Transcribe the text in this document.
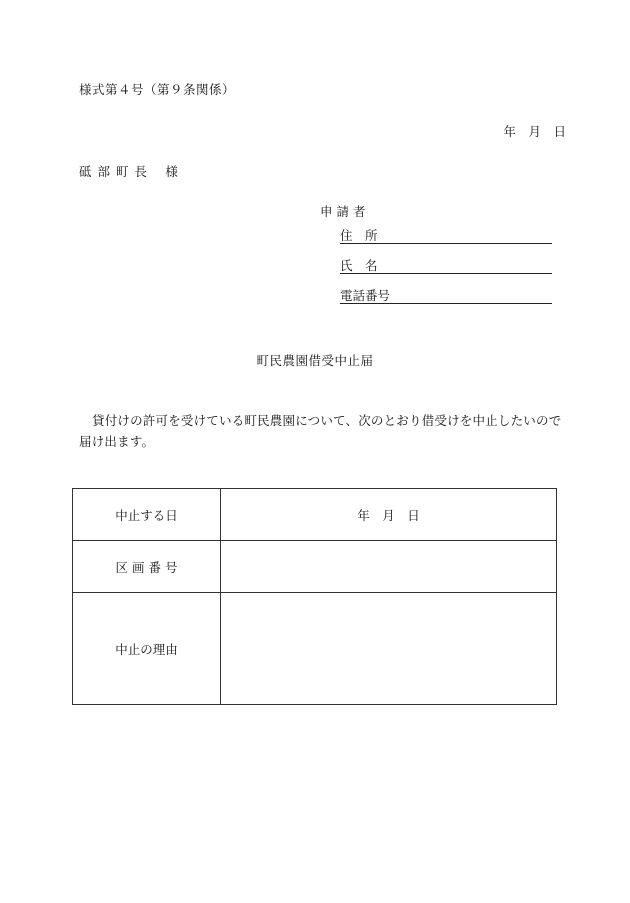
様式第４号（第９条関係）
年　月　日
砥 部 町 長 　様
申 請 者
住　所
氏　名
電話番号
町民農園借受中止届
貸付けの許可を受けている町民農園について、次のとおり借受けを中止したいので届け出ます。
中止する日	年　月　日
区 画 番 号	
中止の理由	
